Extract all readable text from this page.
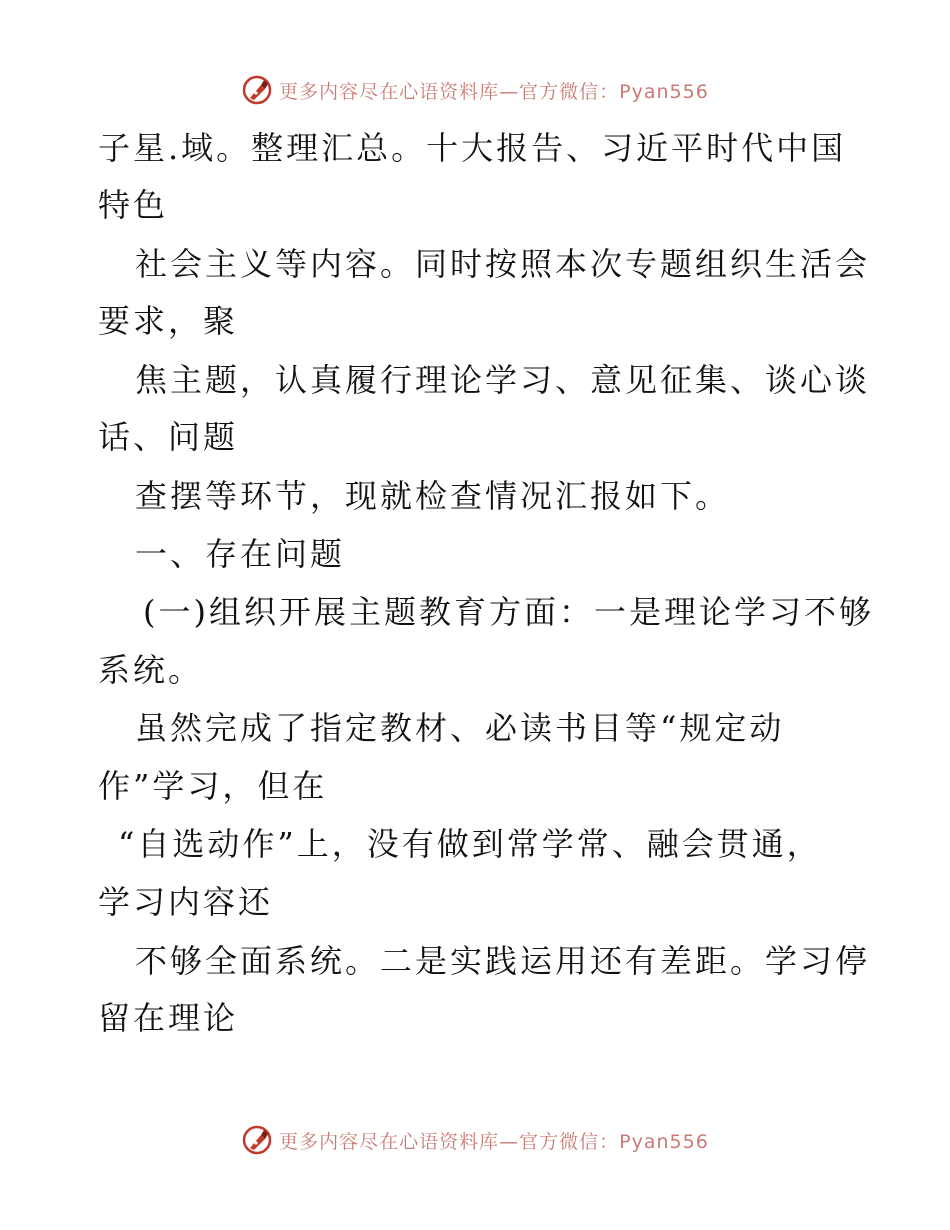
更多内容尽在心语资料库—官方微信：Pyan556
子星.域。整理汇总。十大报告、习近平时代中国
特色
社会主义等内容。同时按照本次专题组织生活会
要求，聚
焦主题，认真履行理论学习、意见征集、谈心谈
话、问题
查摆等环节，现就检查情况汇报如下。
一、存在问题
(一)组织开展主题教育方面：一是理论学习不够
系统。
虽然完成了指定教材、必读书目等“规定动
作”学习，但在
“自选动作”上，没有做到常学常、融会贯通，
学习内容还
不够全面系统。二是实践运用还有差距。学习停
留在理论
更多内容尽在心语资料库—官方微信：Pyan556
